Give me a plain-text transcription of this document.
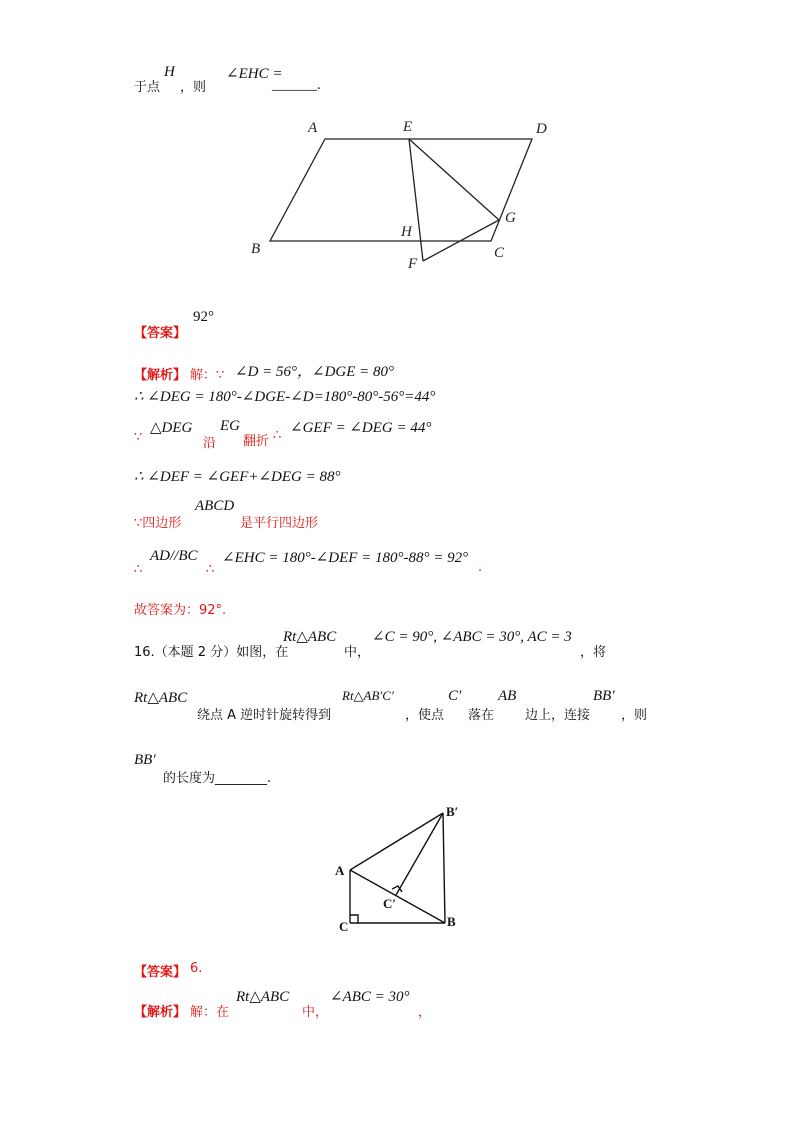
于点
H
，则
∠EHC =
______.
A	E	D
B
H
F
C
G
【答案】
92°
【解析】 解：∵ ∠D = 56°，∠DGE = 80°
∴ ∠DEG = 180°-∠DGE-∠D=180°-80°-56°=44°
∵
△DEG
沿
EG
翻折 ∴ ∠GEF = ∠DEG = 44°
∴ ∠DEF = ∠GEF+∠DEG = 88°
∵四边形
ABCD
是平行四边形
∴
AD//BC
∴
∠EHC = 180°-∠DEF = 180°-88° = 92°
.
故答案为：92°.
16.（本题 2 分）如图，在
Rt△ABC
中，
∠C = 90°, ∠ABC = 30°, AC = 3
，将
Rt△ABC
绕点 A 逆时针旋转得到
Rt△AB′C′
，使点
C′
落在
AB
边上，连接
BB′
，则
BB′
的长度为________.
B′
A
C′
C	B
【答案】 6.
【解析】 解：在
Rt△ABC
中，
∠ABC = 30°
，
